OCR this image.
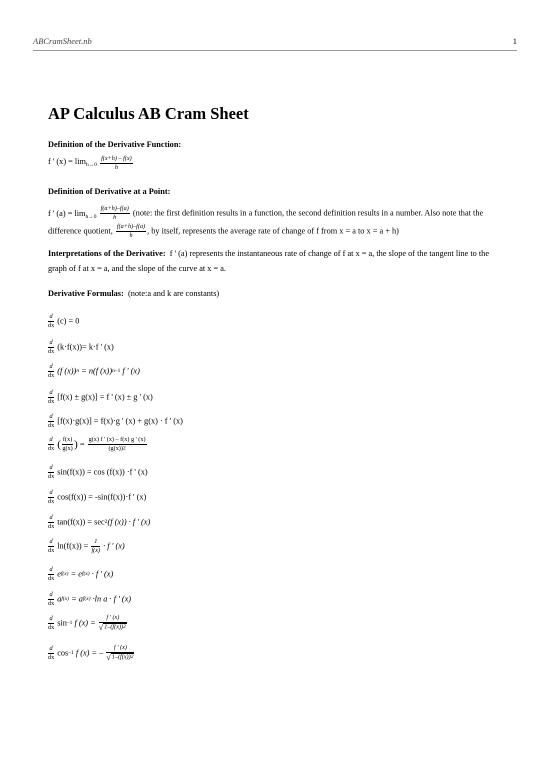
ABCramSheet.nb	1
AP Calculus AB Cram Sheet
Definition of the Derivative Function:
f ' $(x) = \lim_{h\to 0} \frac{f(x+h) - f(x)}{h}$
Definition of Derivative at a Point:
f ' $(a) = \lim_{h\to 0} \frac{f(a+h)-f(a)}{h}$ (note: the first definition results in a function, the second definition results in a number. Also note that the difference quotient, $\frac{f(a+h)-f(a)}{h}$ , by itself, represents the average rate of change of f from x = a to x = a + h)
Interpretations of the Derivative: f ' (a) represents the instantaneous rate of change of f at x = a, the slope of the tangent line to the graph of f at x = a, and the slope of the curve at x = a.
Derivative Formulas: (note:a and k are constants)
$\frac{d}{dx} (c) = 0$
$\frac{d}{dx} (k\cdot f(x))= k\cdot f$ ' (x)
$\frac{d}{dx} (f$ (x))n = n(f (x))n–1 f ' (x)
$\frac{d}{dx} [f(x) \pm g(x)] = f$ ' (x) ± g ' (x)
$\frac{d}{dx} [f(x)\cdot g(x)] = f(x)\cdot g$ ' (x) + g(x) · f ' (x)
$\frac{d}{dx}$ ( $\frac{f(x)}{g(x)}$ ) = $\frac{g(x) f ' (x) - f(x) g ' (x)}{(g(x))2}$
$\frac{d}{dx} \sin(f(x)) = \cos (f(x)) \cdot f$ ' (x)
$\frac{d}{dx} \cos(f(x)) = -\sin(f(x))\cdot f$ ' (x)
$\frac{d}{dx} \tan(f(x)) = \sec 2(f$ (x)) · f ' (x)
$\frac{d}{dx} \ln(f(x)) = \frac{1}{f(x)} \cdot f$ ' (x)
$\frac{d}{dx} ef(x) = ef(x) \cdot f$ ' (x)
$\frac{d}{dx} af(x) = af(x) \cdot\ln$ a · f ' (x)
$\frac{d}{dx} \sin-1$ f $(x) = \frac{f ' (x)}{√1-(f(x))2}$
$\frac{d}{dx} \cos-1$ f (x) = – $\frac{f ' (x)}{√1-(f(x))2}$
